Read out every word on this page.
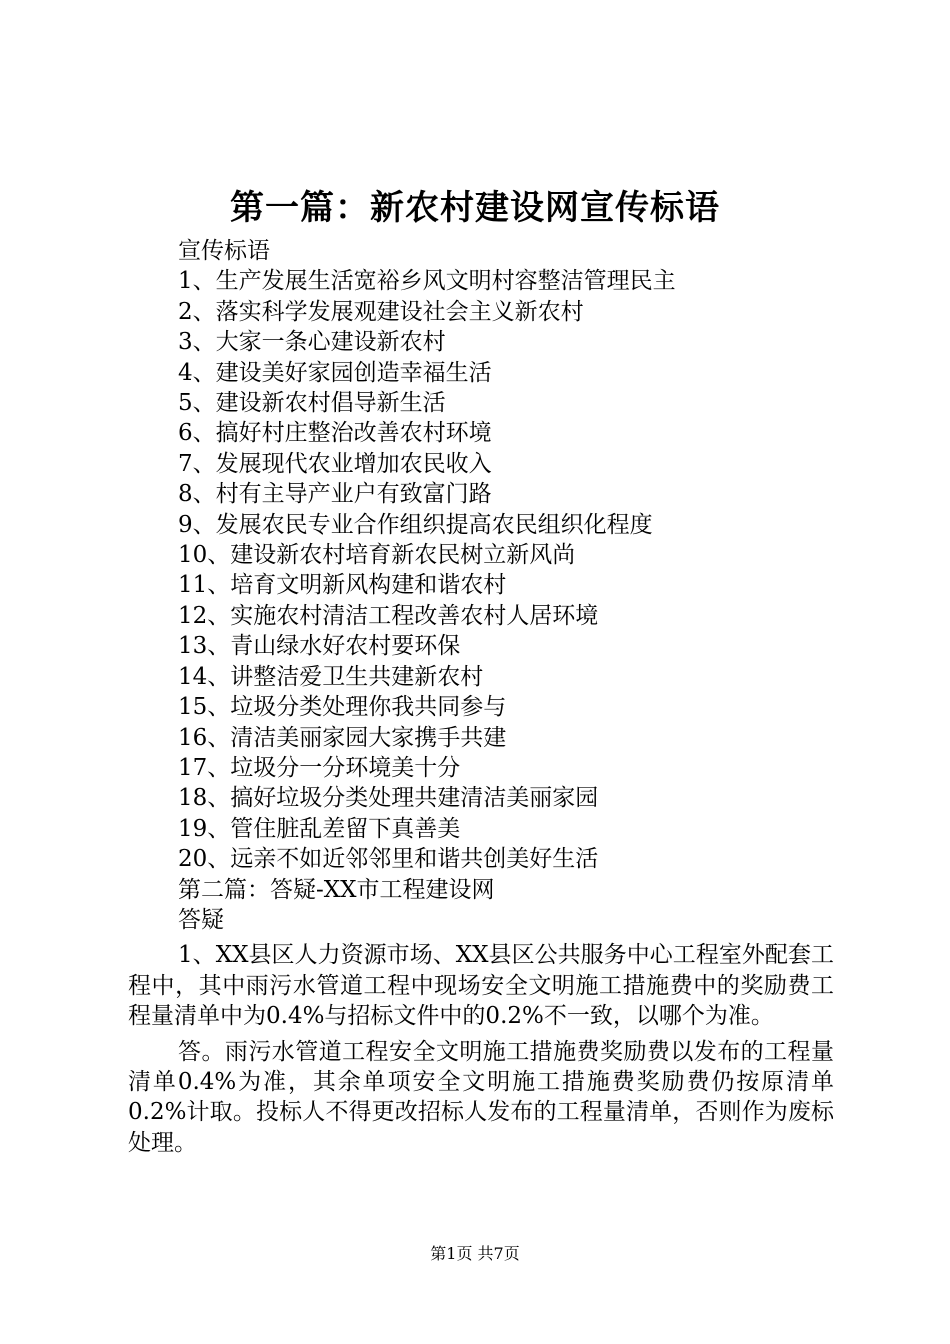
第一篇：新农村建设网宣传标语
宣传标语
1、生产发展生活宽裕乡风文明村容整洁管理民主
2、落实科学发展观建设社会主义新农村
3、大家一条心建设新农村
4、建设美好家园创造幸福生活
5、建设新农村倡导新生活
6、搞好村庄整治改善农村环境
7、发展现代农业增加农民收入
8、村有主导产业户有致富门路
9、发展农民专业合作组织提高农民组织化程度
10、建设新农村培育新农民树立新风尚
11、培育文明新风构建和谐农村
12、实施农村清洁工程改善农村人居环境
13、青山绿水好农村要环保
14、讲整洁爱卫生共建新农村
15、垃圾分类处理你我共同参与
16、清洁美丽家园大家携手共建
17、垃圾分一分环境美十分
18、搞好垃圾分类处理共建清洁美丽家园
19、管住脏乱差留下真善美
20、远亲不如近邻邻里和谐共创美好生活
第二篇：答疑-XX市工程建设网
答疑
1、XX县区人力资源市场、XX县区公共服务中心工程室外配套工程中，其中雨污水管道工程中现场安全文明施工措施费中的奖励费工程量清单中为0.4%与招标文件中的0.2%不一致，以哪个为准。
答。雨污水管道工程安全文明施工措施费奖励费以发布的工程量清单0.4%为准，其余单项安全文明施工措施费奖励费仍按原清单0.2%计取。投标人不得更改招标人发布的工程量清单，否则作为废标处理。
第1页 共7页
